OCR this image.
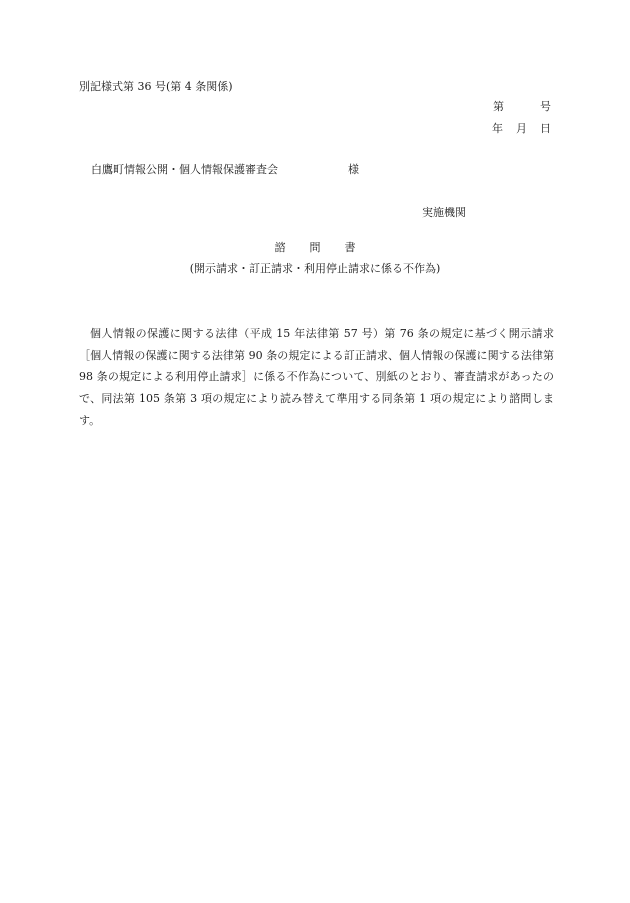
別記様式第 36 号(第 4 条関係)
第	号
年 月 日
白鷹町情報公開・個人情報保護審査会	様
実施機関
諮 問 書
(開示請求・訂正請求・利用停止請求に係る不作為)
個人情報の保護に関する法律（平成 15 年法律第 57 号）第 76 条の規定に基づく開示請求［個人情報の保護に関する法律第 90 条の規定による訂正請求、個人情報の保護に関する法律第 98 条の規定による利用停止請求］に係る不作為について、別紙のとおり、審査請求があったので、同法第 105 条第 3 項の規定により読み替えて準用する同条第 1 項の規定により諮問します。
